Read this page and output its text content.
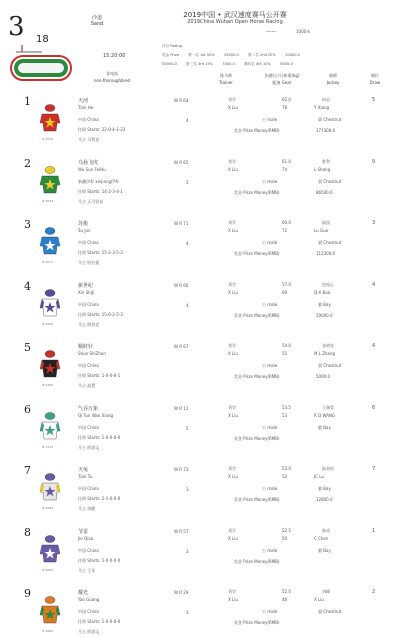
3 18
沙道
Sand
2019中国 • 武汉速度赛马公开赛
2019China Wuhan Open Horse Racing
——	1000米
15:20:00
评分 Rating
奖金 Prize	第一名 1st 50%	25000.0	第二名 2nd 20%	10000.0
50000.0	第三名 3rd 15%	7500.0	第四名 4th 10%	5000.0
非纯血
non-thoroughbred
练马师
Trainer
负磅(公斤)体重(kg)
配备 Gear
骑师
Jockey
闸位
Draw
1
# 0010
天河
Tian He
W R 64
中国 China	4
往绩 Starts: 22-0-4-1-23
马主 马利克
刘学
X Liu
62.0
78
公 male
奖金 Prize Money(RMB)
向岩
Y Xiang
栗 Chestnut
177300.0
5
2
# 0034
乌孙飞虎
Wu Sun FeiHu
W R 65
新疆伊犁 xinjiang伊犁	5
往绩 Starts: 14-2-3-4-1
马主 天马贸易
刘学
X Liu
61.0
74
公 male
奖金 Prize Money(RMB)
胜利
L Sheng
栗 Chestnut
86500.0
9
3
# 0077
苏俊
Su Jun
W R 71
中国 China	4
往绩 Starts: 15-2-3-5-3
马主 哈拉提
刘学
X Liu
60.0
72
公 male
奖金 Prize Money(RMB)
陆国
Lu Guo
栗 Chestnut
112300.0
3
4
# 0096
新世纪
Xin ShiJi
W R 66
中国 China	4
往绩 Starts: 15-0-2-5-3
马主 阿努克
刘学
X Liu
57.0
69
公 male
奖金 Prize Money(RMB)
包权心
Q-X Bao
骝 Bay
50000.0
4
5
# 0165
顺时针
Shun ShiZhen
W R 67
中国 China
往绩 Starts: 1-0-0-0-1
马主 高慧
刘学
X Liu
54.0
55
公 male
奖金 Prize Money(RMB)
张明亮
M L Zhang
栗 Chestnut
5000.0
4
6
# 0115
气吞万象
Qi Tun Wan Xiang
W R 11
中国 China	5
往绩 Starts: 1-0-0-0-0
马主 欧阳文
刘学
X Liu
53.5
53
公 male
奖金 Prize Money(RMB)
王瑞青
R Q WANG
骝 Bay
6
7
# 0089
天兔
Tian Tu
W R 73
中国 China	3
往绩 Starts: 2-1-0-0-0
马主 周健
刘学
X Liu
53.0
52
公 male
奖金 Prize Money(RMB)
陆金钻
JC Lu
骝 Bay
12800.0
7
8
# 0085
节雷
Jie Qiao
W R 57
中国 China	3
往绩 Starts: 1-0-0-0-0
马主 王军
刘学
X Liu
52.5
50
公 male
奖金 Prize Money(RMB)
陈成
C Chen
骝 Bay
1
9
# 0060
耀光
Yao Guang
W R 29
中国 China	3
往绩 Starts: 1-0-0-0-0
马主 欧阳文
刘学
X Liu
52.0
48
公 male
奖金 Prize Money(RMB)
刘峰
X Liu
栗 Chestnut
2
